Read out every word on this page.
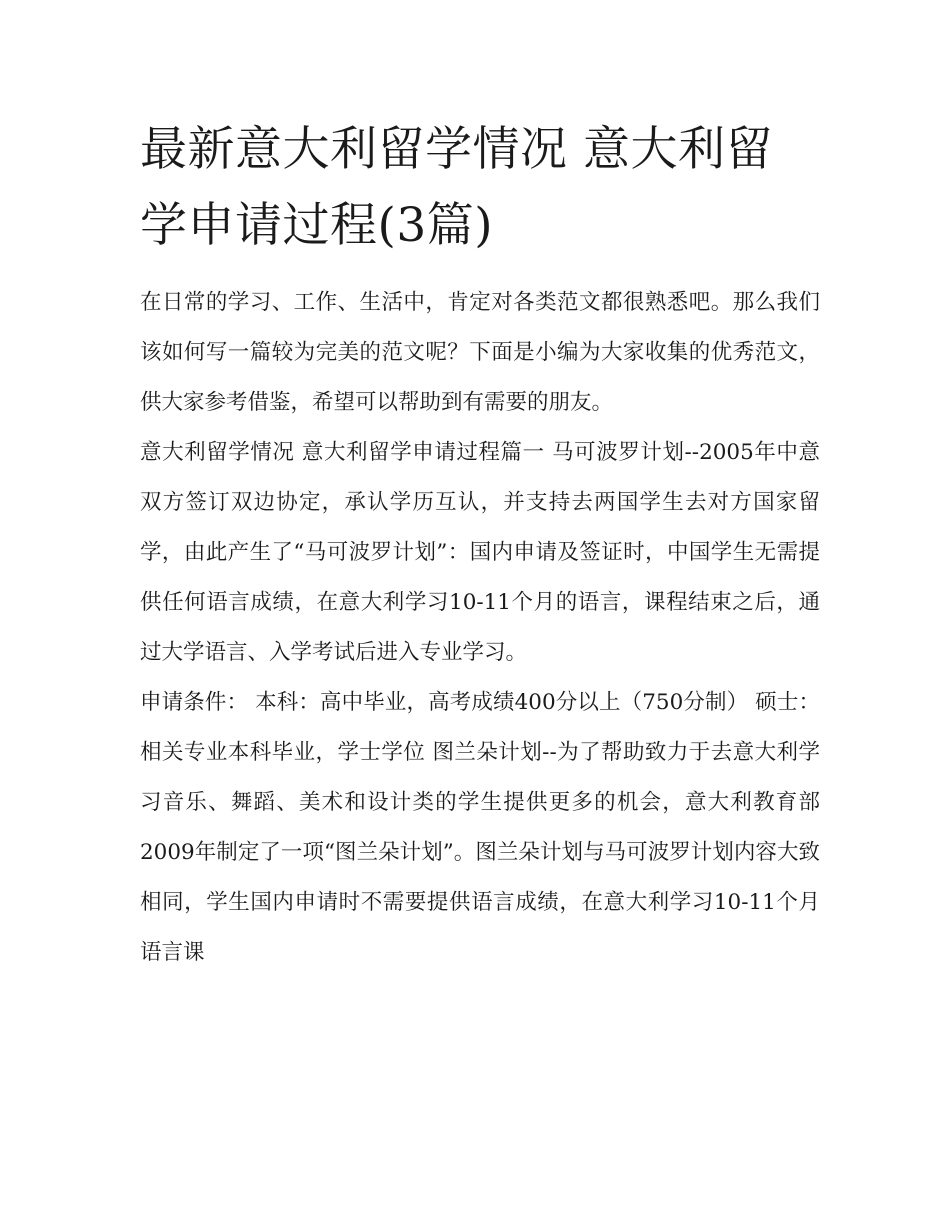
最新意大利留学情况 意大利留学申请过程(3篇)

在日常的学习、工作、生活中，肯定对各类范文都很熟悉吧。那么我们该如何写一篇较为完美的范文呢？下面是小编为大家收集的优秀范文，供大家参考借鉴，希望可以帮助到有需要的朋友。

意大利留学情况 意大利留学申请过程篇一 马可波罗计划--2005年中意双方签订双边协定，承认学历互认，并支持去两国学生去对方国家留学，由此产生了“马可波罗计划”：国内申请及签证时，中国学生无需提供任何语言成绩，在意大利学习10-11个月的语言，课程结束之后，通过大学语言、入学考试后进入专业学习。

申请条件： 本科：高中毕业，高考成绩400分以上（750分制） 硕士：相关专业本科毕业，学士学位 图兰朵计划--为了帮助致力于去意大利学习音乐、舞蹈、美术和设计类的学生提供更多的机会，意大利教育部2009年制定了一项“图兰朵计划”。图兰朵计划与马可波罗计划内容大致相同，学生国内申请时不需要提供语言成绩，在意大利学习10-11个月语言课
